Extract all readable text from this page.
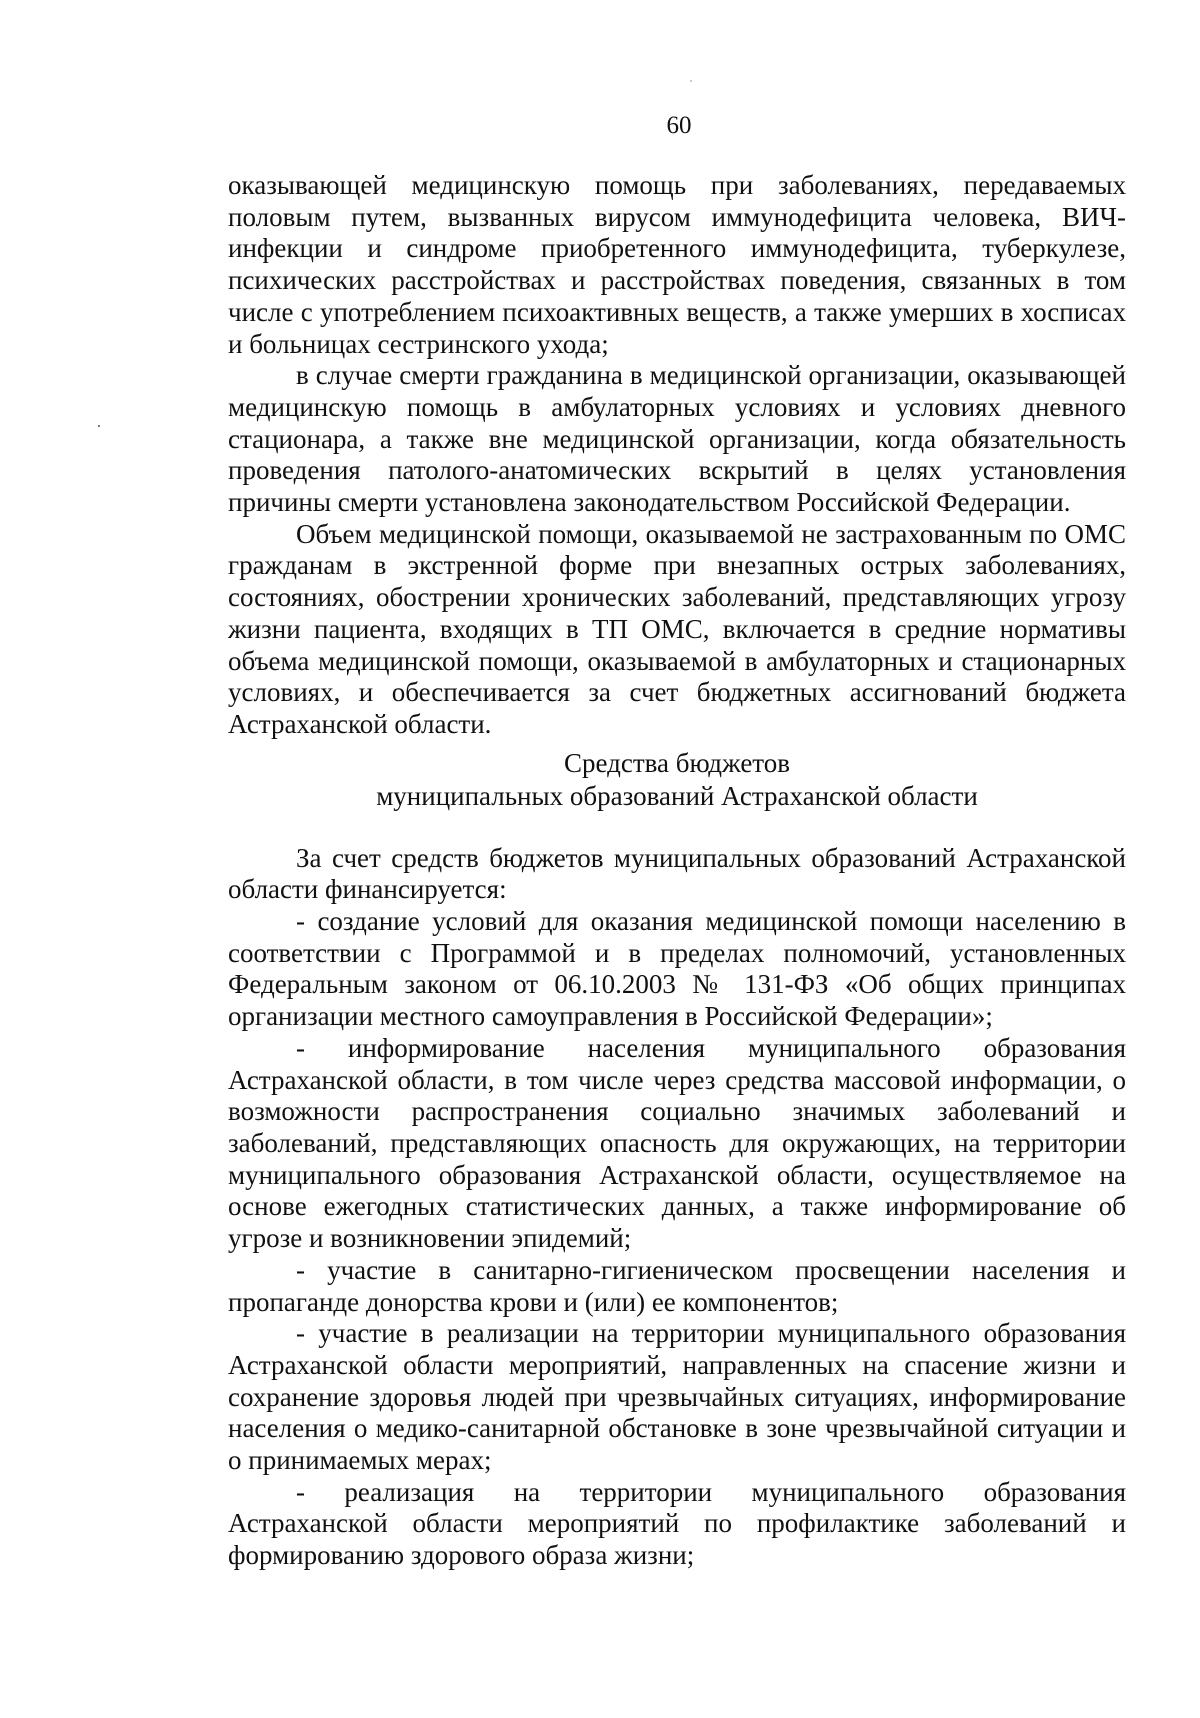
60

оказывающей медицинскую помощь при заболеваниях, передаваемых половым путем, вызванных вирусом иммунодефицита человека, ВИЧ-инфекции и синдроме приобретенного иммунодефицита, туберкулезе, психических расстройствах и расстройствах поведения, связанных в том числе с употреблением психоактивных веществ, а также умерших в хосписах и больницах сестринского ухода;

в случае смерти гражданина в медицинской организации, оказывающей медицинскую помощь в амбулаторных условиях и условиях дневного стационара, а также вне медицинской организации, когда обязательность проведения патолого-анатомических вскрытий в целях установления причины смерти установлена законодательством Российской Федерации.

Объем медицинской помощи, оказываемой не застрахованным по ОМС гражданам в экстренной форме при внезапных острых заболеваниях, состояниях, обострении хронических заболеваний, представляющих угрозу жизни пациента, входящих в ТП ОМС, включается в средние нормативы объема медицинской помощи, оказываемой в амбулаторных и стационарных условиях, и обеспечивается за счет бюджетных ассигнований бюджета Астраханской области.

Средства бюджетов
муниципальных образований Астраханской области

За счет средств бюджетов муниципальных образований Астраханской области финансируется:

- создание условий для оказания медицинской помощи населению в соответствии с Программой и в пределах полномочий, установленных Федеральным законом от 06.10.2003 № 131-ФЗ «Об общих принципах организации местного самоуправления в Российской Федерации»;

- информирование населения муниципального образования Астраханской области, в том числе через средства массовой информации, о возможности распространения социально значимых заболеваний и заболеваний, представляющих опасность для окружающих, на территории муниципального образования Астраханской области, осуществляемое на основе ежегодных статистических данных, а также информирование об угрозе и возникновении эпидемий;

- участие в санитарно-гигиеническом просвещении населения и пропаганде донорства крови и (или) ее компонентов;

- участие в реализации на территории муниципального образования Астраханской области мероприятий, направленных на спасение жизни и сохранение здоровья людей при чрезвычайных ситуациях, информирование населения о медико-санитарной обстановке в зоне чрезвычайной ситуации и о принимаемых мерах;

- реализация на территории муниципального образования Астраханской области мероприятий по профилактике заболеваний и формированию здорового образа жизни;
